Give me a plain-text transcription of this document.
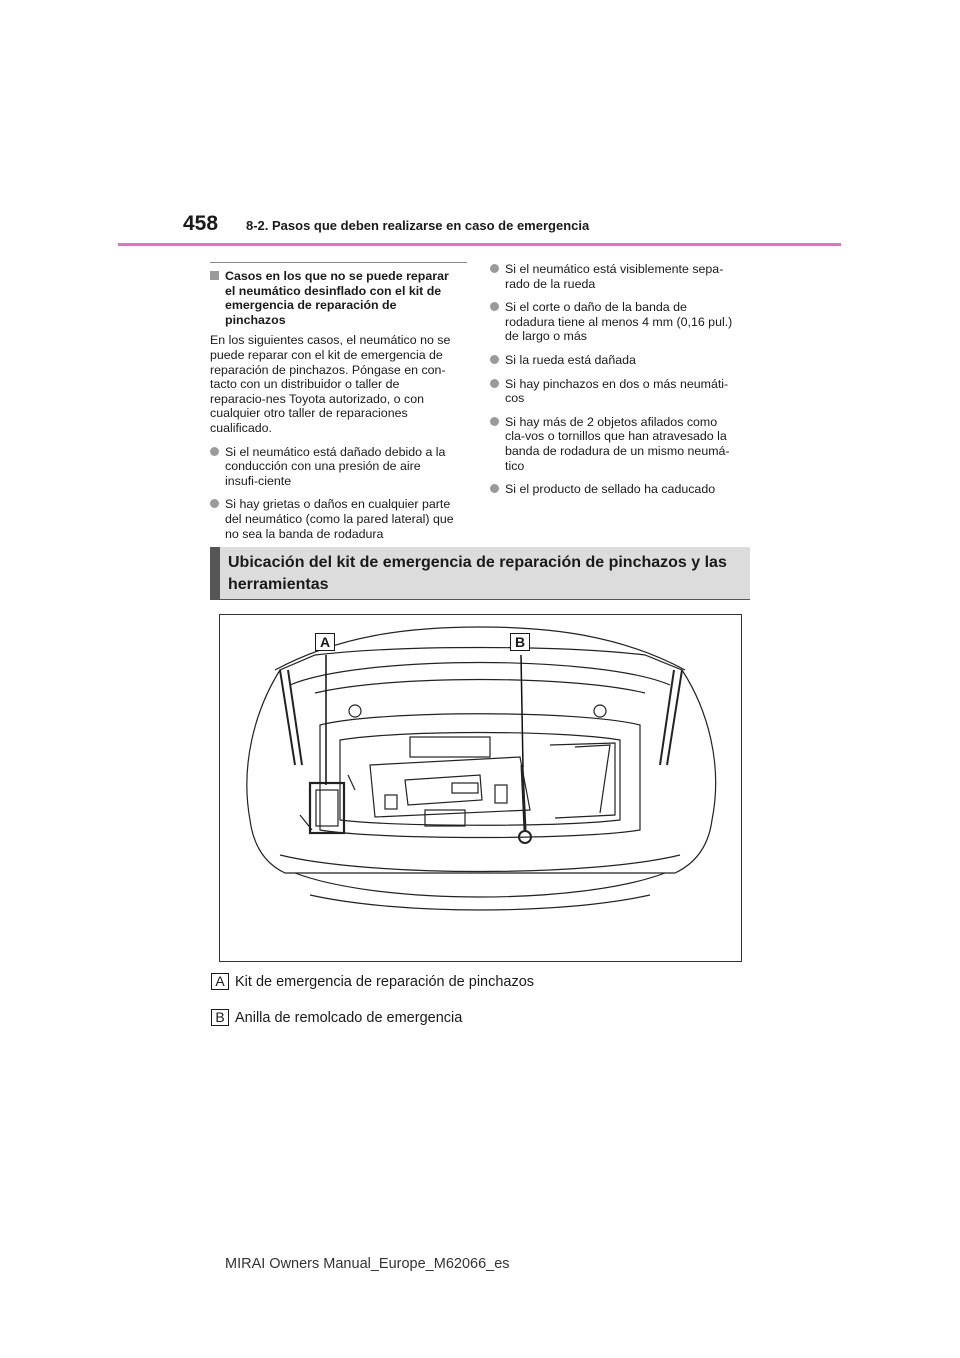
458 8-2. Pasos que deben realizarse en caso de emergencia
Casos en los que no se puede reparar el neumático desinflado con el kit de emergencia de reparación de pinchazos

En los siguientes casos, el neumático no se puede reparar con el kit de emergencia de reparación de pinchazos. Póngase en con-tacto con un distribuidor o taller de reparacio-nes Toyota autorizado, o con cualquier otro taller de reparaciones cualificado.

Si el neumático está dañado debido a la conducción con una presión de aire insufi-ciente
Si hay grietas o daños en cualquier parte del neumático (como la pared lateral) que no sea la banda de rodadura
Si el neumático está visiblemente sepa-rado de la rueda
Si el corte o daño de la banda de rodadura tiene al menos 4 mm (0,16 pul.) de largo o más
Si la rueda está dañada
Si hay pinchazos en dos o más neumáti-cos
Si hay más de 2 objetos afilados como cla-vos o tornillos que han atravesado la banda de rodadura de un mismo neumá-tico
Si el producto de sellado ha caducado
Ubicación del kit de emergencia de reparación de pinchazos y las herramientas
A	B
A Kit de emergencia de reparación de pinchazos
B Anilla de remolcado de emergencia
MIRAI Owners Manual_Europe_M62066_es
